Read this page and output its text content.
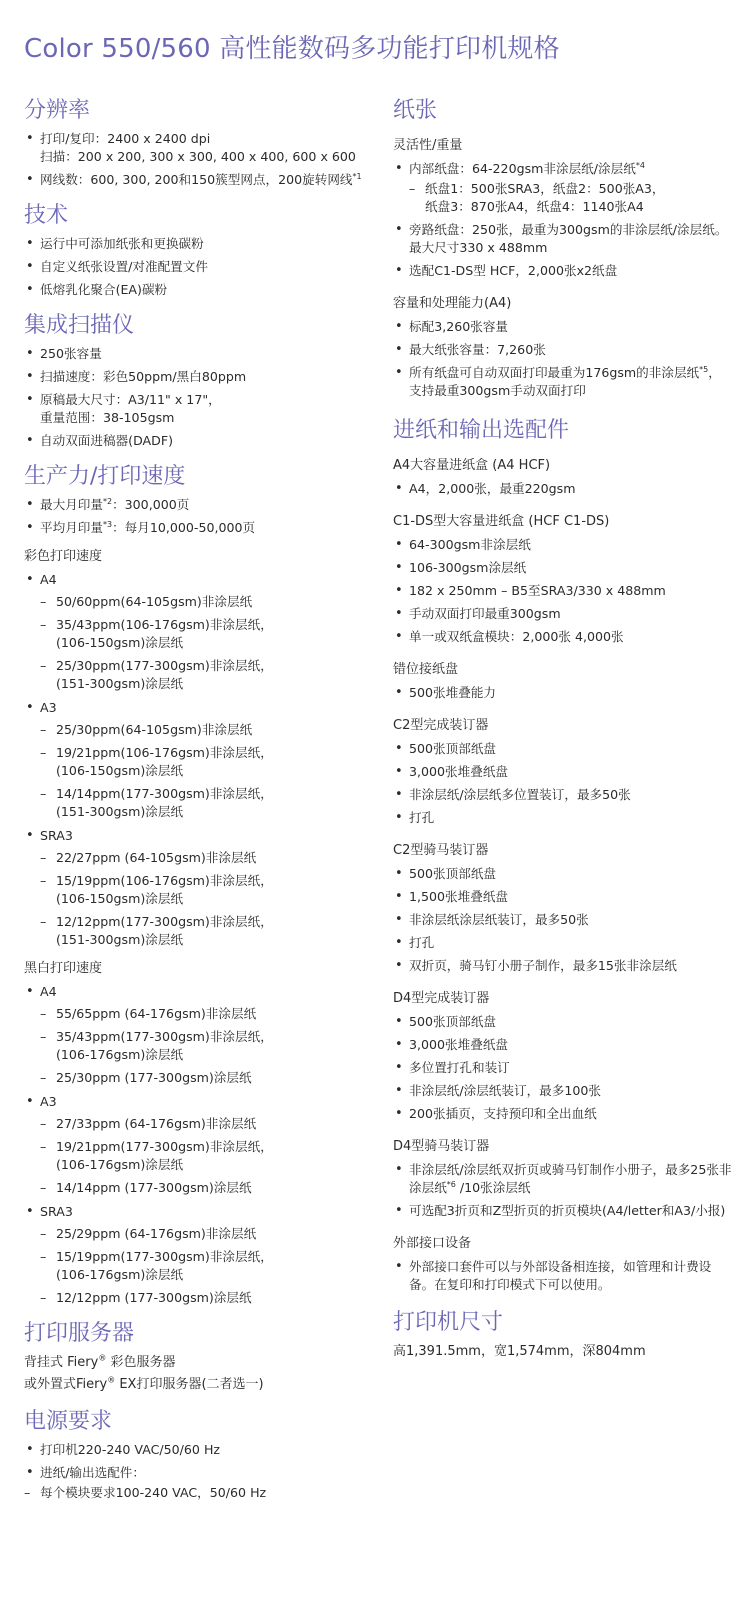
Color 550/560 高性能数码多功能打印机规格
分辨率
• 打印/复印：2400 x 2400 dpi
扫描：200 x 200, 300 x 300, 400 x 400, 600 x 600
• 网线数：600, 300, 200和150簇型网点，200旋转网线$^{*1}$
技术
• 运行中可添加纸张和更换碳粉
• 自定义纸张设置/对准配置文件
• 低熔乳化聚合(EA)碳粉
集成扫描仪
• 250张容量
• 扫描速度：彩色50ppm/黑白80ppm
• 原稿最大尺寸：A3/11" x 17"，
重量范围：38-105gsm
• 自动双面进稿器(DADF)
生产力/打印速度
• 最大月印量$^{*2}$：300,000页
• 平均月印量$^{*3}$：每月10,000-50,000页
彩色打印速度
• A4
– 50/60ppm(64-105gsm)非涂层纸
– 35/43ppm(106-176gsm)非涂层纸，
(106-150gsm)涂层纸
– 25/30ppm(177-300gsm)非涂层纸，
(151-300gsm)涂层纸
• A3
– 25/30ppm(64-105gsm)非涂层纸
– 19/21ppm(106-176gsm)非涂层纸，
(106-150gsm)涂层纸
– 14/14ppm(177-300gsm)非涂层纸，
(151-300gsm)涂层纸
• SRA3
– 22/27ppm (64-105gsm)非涂层纸
– 15/19ppm(106-176gsm)非涂层纸，
(106-150gsm)涂层纸
– 12/12ppm(177-300gsm)非涂层纸，
(151-300gsm)涂层纸
黑白打印速度
• A4
– 55/65ppm (64-176gsm)非涂层纸
– 35/43ppm(177-300gsm)非涂层纸，
(106-176gsm)涂层纸
– 25/30ppm (177-300gsm)涂层纸
• A3
– 27/33ppm (64-176gsm)非涂层纸
– 19/21ppm(177-300gsm)非涂层纸，
(106-176gsm)涂层纸
– 14/14ppm (177-300gsm)涂层纸
• SRA3
– 25/29ppm (64-176gsm)非涂层纸
– 15/19ppm(177-300gsm)非涂层纸，
(106-176gsm)涂层纸
– 12/12ppm (177-300gsm)涂层纸
打印服务器
背挂式 Fiery® 彩色服务器
或外置式Fiery® EX打印服务器(二者选一)
电源要求
• 打印机220-240 VAC/50/60 Hz
• 进纸/输出选配件：
– 每个模块要求100-240 VAC，50/60 Hz
纸张
灵活性/重量
• 内部纸盘：64-220gsm非涂层纸/涂层纸$^{*4}$
– 纸盘1：500张SRA3，纸盘2：500张A3，
纸盘3：870张A4，纸盘4：1140张A4
• 旁路纸盘：250张，最重为300gsm的非涂层纸/涂层纸。最大尺寸330 x 488mm
• 选配C1-DS型 HCF，2,000张x2纸盘
容量和处理能力(A4)
• 标配3,260张容量
• 最大纸张容量：7,260张
• 所有纸盘可自动双面打印最重为176gsm的非涂层纸$^{*5}$，支持最重300gsm手动双面打印
进纸和输出选配件
A4大容量进纸盒 (A4 HCF)
• A4，2,000张，最重220gsm
C1-DS型大容量进纸盒 (HCF C1-DS)
• 64-300gsm非涂层纸
• 106-300gsm涂层纸
• 182 x 250mm – B5至SRA3/330 x 488mm
• 手动双面打印最重300gsm
• 单一或双纸盒模块：2,000张 4,000张
错位接纸盘
• 500张堆叠能力
C2型完成装订器
• 500张顶部纸盘
• 3,000张堆叠纸盘
• 非涂层纸/涂层纸多位置装订，最多50张
• 打孔
C2型骑马装订器
• 500张顶部纸盘
• 1,500张堆叠纸盘
• 非涂层纸涂层纸装订，最多50张
• 打孔
• 双折页，骑马钉小册子制作，最多15张非涂层纸
D4型完成装订器
• 500张顶部纸盘
• 3,000张堆叠纸盘
• 多位置打孔和装订
• 非涂层纸/涂层纸装订，最多100张
• 200张插页，支持预印和全出血纸
D4型骑马装订器
• 非涂层纸/涂层纸双折页或骑马钉制作小册子，最多25张非涂层纸$^{*6}$ /10张涂层纸
• 可选配3折页和Z型折页的折页模块(A4/letter和A3/小报)
外部接口设备
• 外部接口套件可以与外部设备相连接，如管理和计费设备。在复印和打印模式下可以使用。
打印机尺寸
高1,391.5mm，宽1,574mm，深804mm
